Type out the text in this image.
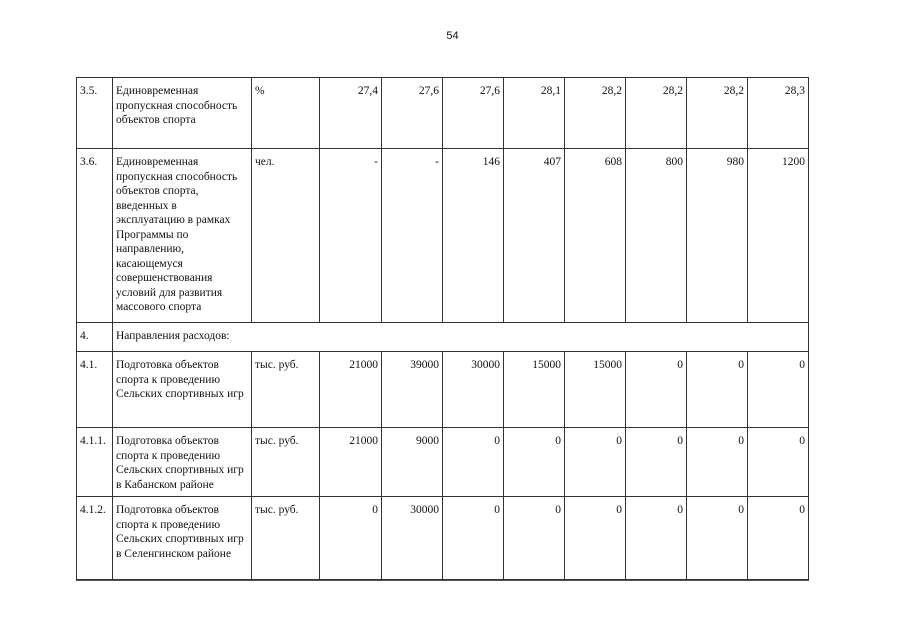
54
3.5.	Единовременная пропускная способность объектов спорта	%	27,4	27,6	27,6	28,1	28,2	28,2	28,2	28,3
3.6.	Единовременная пропускная способность объектов спорта, введенных в эксплуатацию в рамках Программы по направлению, касающемуся совершенствования условий для развития массового спорта	чел.	-	-	146	407	608	800	980	1200
4.	Направления расходов:									
4.1.	Подготовка объектов спорта к проведению Сельских спортивных игр	тыс. руб.	21000	39000	30000	15000	15000	0	0	0
4.1.1.	Подготовка объектов спорта к проведению Сельских спортивных игр в Кабанском районе	тыс. руб.	21000	9000	0	0	0	0	0	0
4.1.2.	Подготовка объектов спорта к проведению Сельских спортивных игр в Селенгинском районе	тыс. руб.	0	30000	0	0	0	0	0	0
